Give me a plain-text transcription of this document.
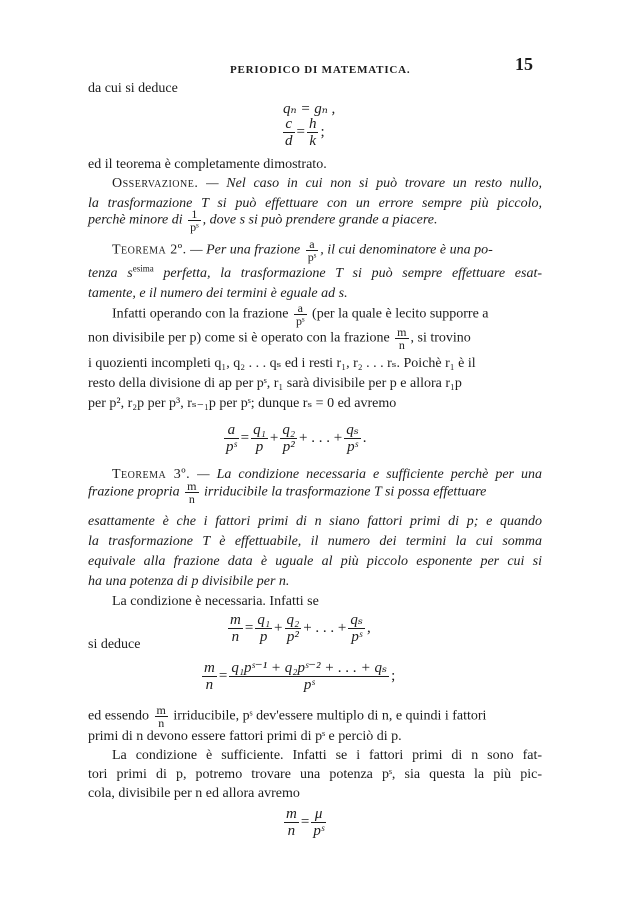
PERIODICO DI MATEMATICA.	15
da cui si deduce
qₙ = gₙ ,
$\frac{c}{d} = \frac{h}{k}$ ;
ed il teorema è completamente dimostrato.
Osservazione. — Nel caso in cui non si può trovare un resto nullo,
la trasformazione T si può effettuare con un errore sempre più piccolo,
perchè minore di $\frac{1}{\text{pˢ}}$ , dove s si può prendere grande a piacere.
Teorema 2º. — Per una frazione $\frac{a}{\text{pˢ}}$ , il cui denominatore è una po-
tenza $s^{esima}$ perfetta, la trasformazione T si può sempre effettuare esat-
tamente, e il numero dei termini è eguale ad s.
Infatti operando con la frazione $\frac{a}{\text{pˢ}} (per$ la quale è lecito supporre a
non divisibile per p) come si è operato con la frazione $\frac{m}{n}$ , si trovino
i quozienti incompleti q₁, q₂ . . . qₛ ed i resti r₁, r₂ . . . rₛ. Poichè r₁ è il
resto della divisione di ap per pˢ, r₁ sarà divisibile per p e allora r₁p
per p², r₂p per p³, rₛ₋₁p per pˢ; dunque rₛ = 0 ed avremo
$\frac{a}{\text{pˢ}} = \frac{\text{q₁}}{p} + \frac{\text{q₂}}{\text{p²}}$ + . . . + $\frac{\text{qₛ}}{\text{pˢ}}$ .
Teorema 3º. — La condizione necessaria e sufficiente perchè per una
frazione propria $\frac{m}{n}$ irriducibile la trasformazione T si possa effettuare
esattamente è che i fattori primi di n siano fattori primi di p; e quando
la trasformazione T è effettuabile, il numero dei termini la cui somma
equivale alla frazione data è uguale al più piccolo esponente per cui si
ha una potenza di p divisibile per n.
La condizione è necessaria. Infatti se
$\frac{m}{n} = \frac{\text{q₁}}{p} + \frac{\text{q₂}}{\text{p²}}$ + . . . + $\frac{\text{qₛ}}{\text{pˢ}}$ ,
si deduce
$\frac{m}{n} = \frac{\text{q₁pˢ⁻¹ + q₂pˢ⁻² + . . . + qₛ}}{\text{pˢ}}$ ;
ed essendo $\frac{m}{n}$ irriducibile, pˢ dev'essere multiplo di n, e quindi i fattori
primi di n devono essere fattori primi di pˢ e perciò di p.
La condizione è sufficiente. Infatti se i fattori primi di n sono fat-
tori primi di p, potremo trovare una potenza pˢ, sia questa la più pic-
cola, divisibile per n ed allora avremo
$\frac{m}{n} = \frac{\mu}{\text{pˢ}}$
